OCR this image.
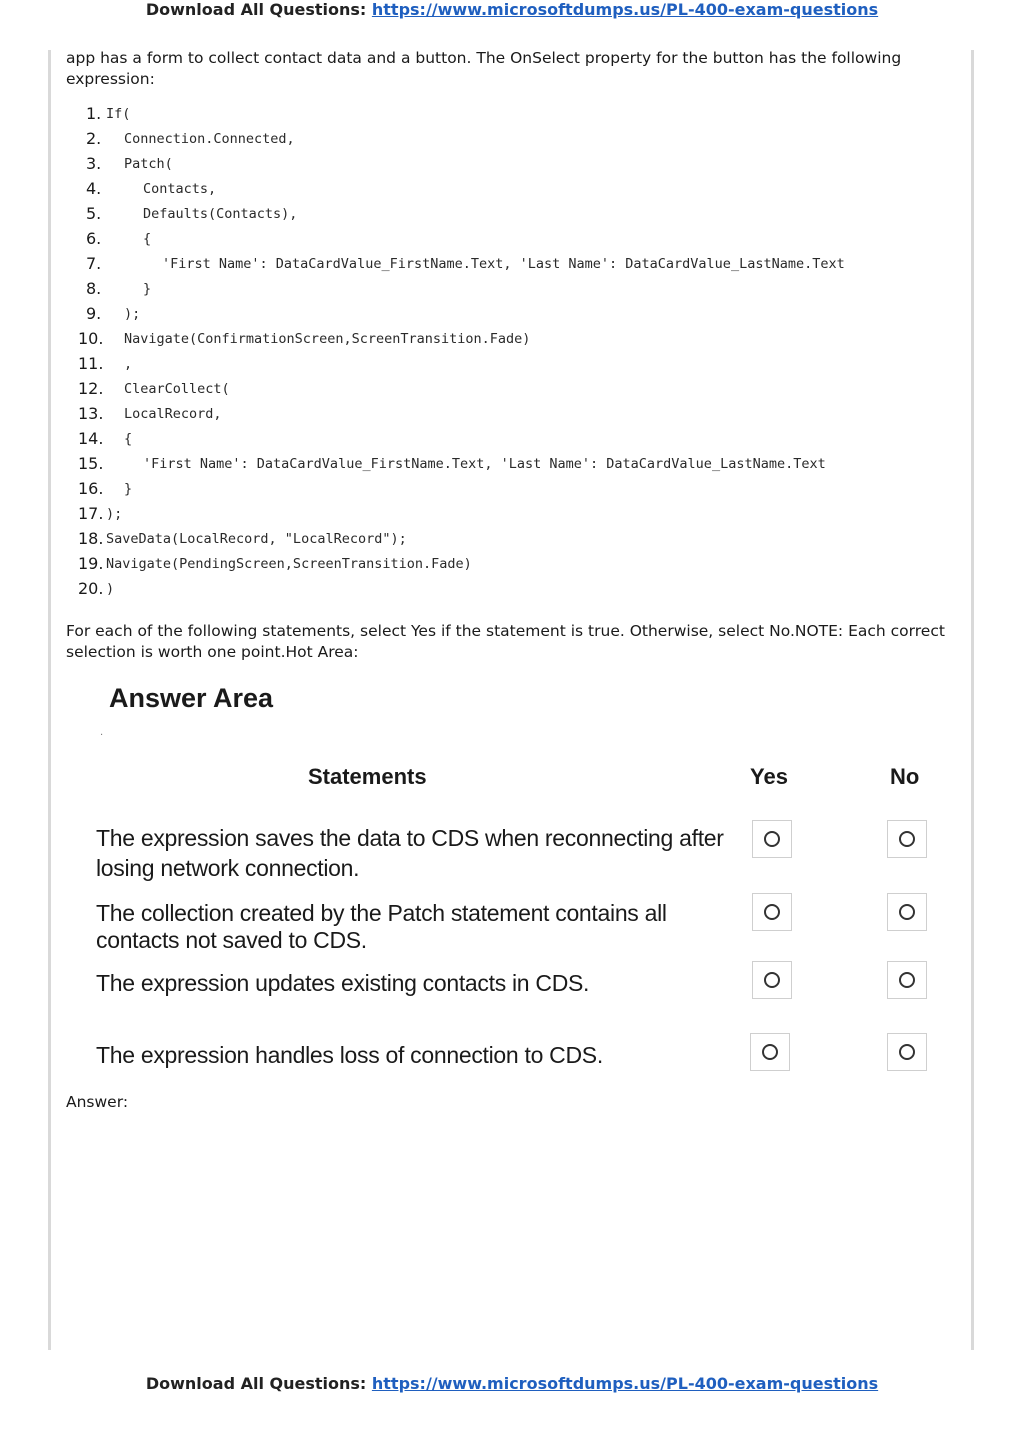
Download All Questions: https://www.microsoftdumps.us/PL-400-exam-questions
app has a form to collect contact data and a button. The OnSelect property for the button has the following expression:
1. If(
2.	Connection.Connected,
3.	Patch(
4.	Contacts,
5.	Defaults(Contacts),
6.	{
7.	'First Name': DataCardValue_FirstName.Text, 'Last Name': DataCardValue_LastName.Text
8.	}
9.	);
10.	Navigate(ConfirmationScreen,ScreenTransition.Fade)
11.	,
12.	ClearCollect(
13.	LocalRecord,
14.	{
15.	'First Name': DataCardValue_FirstName.Text, 'Last Name': DataCardValue_LastName.Text
16.	}
17. );
18. SaveData(LocalRecord, "LocalRecord");
19. Navigate(PendingScreen,ScreenTransition.Fade)
20. )
For each of the following statements, select Yes if the statement is true. Otherwise, select No.NOTE: Each correct selection is worth one point.Hot Area:
Answer Area
·
Statements	Yes	No
The expression saves the data to CDS when reconnecting after losing network connection.
The collection created by the Patch statement contains all contacts not saved to CDS.
The expression updates existing contacts in CDS.
The expression handles loss of connection to CDS.
Answer:
Download All Questions: https://www.microsoftdumps.us/PL-400-exam-questions
